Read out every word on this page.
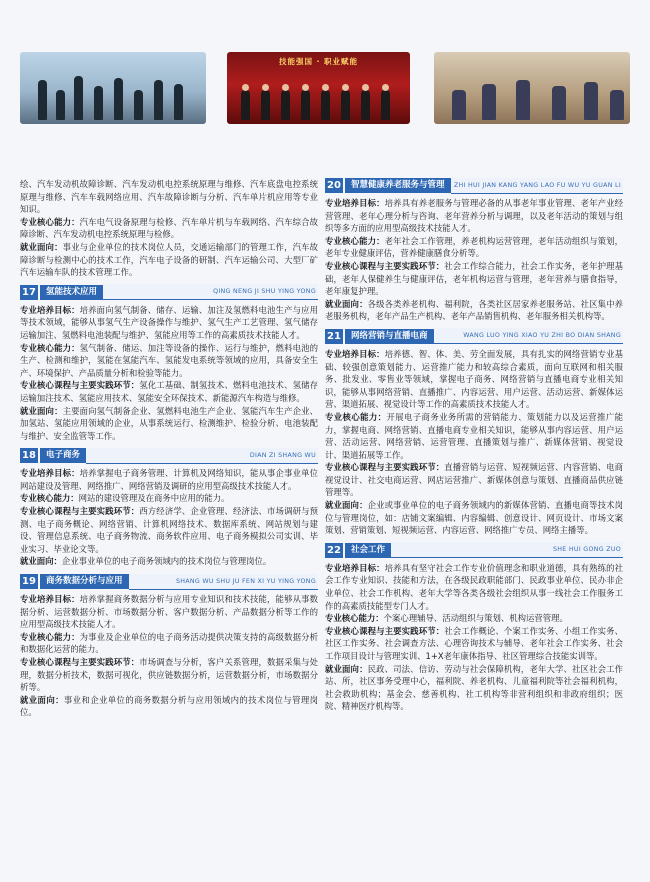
技能强国 · 职业赋能

绘、汽车发动机故障诊断、汽车发动机电控系统原理与维修、汽车底盘电控系统原理与维修、汽车车载网络应用、汽车故障诊断与分析、汽车单片机应用等专业知识。

专业核心能力：汽车电气设备原理与检修、汽车单片机与车载网络、汽车综合故障诊断、汽车发动机电控系统原理与检修。

就业面向：事业与企业单位的技术岗位人员，交通运输部门的管理工作，汽车故障诊断与检测中心的技术工作，汽车电子设备的研制、汽车运输公司、大型厂矿汽车运输车队的技术管理工作。

17	氢能技术应用	QING NENG JI SHU YING YONG

专业培养目标：培养面向氢气制备、储存、运输、加注及氢燃料电池生产与应用等技术领域，能够从事氢气生产设备操作与维护、氢气生产工艺管理、氢气储存运输加注、氢燃料电池装配与维护、氢能应用等工作的高素质技术技能人才。

专业核心能力：氢气制备、储运、加注等设备的操作、运行与维护，燃料电池的生产、检测和维护，氢能在氢能汽车、氢能发电系统等领域的应用，具备安全生产、环境保护、产品质量分析和检验等能力。

专业核心课程与主要实践环节：氢化工基础、制氢技术、燃料电池技术、氢储存运输加注技术、氢能应用技术、氢能安全环保技术、新能源汽车构造与维修。

就业面向：主要面向氢气制备企业、氢燃料电池生产企业、氢能汽车生产企业、加氢站、氢能应用领域的企业，从事系统运行、检测维护、检验分析、电池装配与维护、安全监管等工作。

18	电子商务	DIAN ZI SHANG WU

专业培养目标：培养掌握电子商务管理、计算机及网络知识，能从事企事业单位网站建设及管理、网络推广、网络营销及调研的应用型高级技术技能人才。

专业核心能力：网站的建设管理及在商务中应用的能力。

专业核心课程与主要实践环节：西方经济学、企业管理、经济法、市场调研与预测、电子商务概论、网络营销、计算机网络技术、数据库系统、网站规划与建设、管理信息系统、电子商务物流、商务软件应用、电子商务模拟公司实训、毕业实习、毕业论文等。

就业面向：企业事业单位的电子商务领域内的技术岗位与管理岗位。

19	商务数据分析与应用	SHANG WU SHU JU FEN XI YU YING YONG

专业培养目标：培养掌握商务数据分析与应用专业知识和技术技能，能够从事数据分析、运营数据分析、市场数据分析、客户数据分析、产品数据分析等工作的应用型高级技术技能人才。

专业核心能力：为事业及企业单位的电子商务活动提供决策支持的高级数据分析和数据化运营的能力。

专业核心课程与主要实践环节：市场调查与分析，客户关系管理，数据采集与处理，数据分析技术，数据可视化，供应链数据分析，运营数据分析，市场数据分析等。

就业面向：事业和企业单位的商务数据分析与应用领域内的技术岗位与管理岗位。

20	智慧健康养老服务与管理	ZHI HUI JIAN KANG YANG LAO FU WU YU GUAN LI

专业培养目标：培养具有养老服务与管理必备的从事老年事业管理、老年产业经营管理、老年心理分析与咨询、老年营养分析与调理，以及老年活动的策划与组织等多方面的应用型高级技术技能人才。

专业核心能力：老年社会工作管理，养老机构运营管理，老年活动组织与策划，老年专业健康评估，营养健康膳食分析等。

专业核心课程与主要实践环节：社会工作综合能力，社会工作实务，老年护理基础，老年人保健养生与健康评估，老年机构运营与管理，老年营养与膳食指导，老年康复护理。

就业面向：各级各类养老机构、福利院，各类社区居家养老服务站、社区集中养老服务机构，老年产品生产机构、老年产品销售机构、老年服务相关机构等。

21	网络营销与直播电商	WANG LUO YING XIAO YU ZHI BO DIAN SHANG

专业培养目标：培养德、智、体、美、劳全面发展，具有扎实的网络营销专业基础、较强创意策划能力、运营推广能力和较高综合素质，面向互联网和相关服务、批发业、零售业等领域，掌握电子商务、网络营销与直播电商专业相关知识，能够从事网络营销、直播推广、内容运营、用户运营、活动运营、新媒体运营、渠道拓展、视觉设计等工作的高素质技术技能人才。

专业核心能力：开展电子商务业务所需的营销能力、策划能力以及运营推广能力，掌握电商、网络营销、直播电商专业相关知识，能够从事内容运营、用户运营、活动运营、网络营销、运营管理、直播策划与推广、新媒体营销、视觉设计、渠道拓展等工作。

专业核心课程与主要实践环节：直播营销与运营、短视频运营、内容营销、电商视觉设计、社交电商运营、网店运营推广、新媒体创意与策划、直播商品供应链管理等。

就业面向：企业或事业单位的电子商务领域内的新媒体营销、直播电商等技术岗位与管理岗位，如：店铺文案编辑、内容编辑、创意设计、网页设计、市场文案策划、营销策划、短视频运营、内容运营、网络推广专员、网络主播等。

22	社会工作	SHE HUI GONG ZUO

专业培养目标：培养具有坚守社会工作专业价值理念和职业道德，具有熟练的社会工作专业知识、技能和方法，在各级民政职能部门、民政事业单位、民办非企业单位、社会工作机构、老年大学等各类各级社会组织从事一线社会工作服务工作的高素质技能型专门人才。

专业核心能力：个案心理辅导、活动组织与策划、机构运营管理。

专业核心课程与主要实践环节：社会工作概论、个案工作实务、小组工作实务、社区工作实务、社会调查方法、心理咨询技术与辅导、老年社会工作实务、社会工作项目设计与管理实训、1+X老年康体指导、社区管理综合技能实训等。

就业面向：民政、司法、信访、劳动与社会保障机构，老年大学、社区社会工作站、所，社区事务受理中心，福利院、养老机构、儿童福利院等社会福利机构，社会救助机构；基金会、慈善机构、社工机构等非营利组织和非政府组织；医院、精神医疗机构等。
